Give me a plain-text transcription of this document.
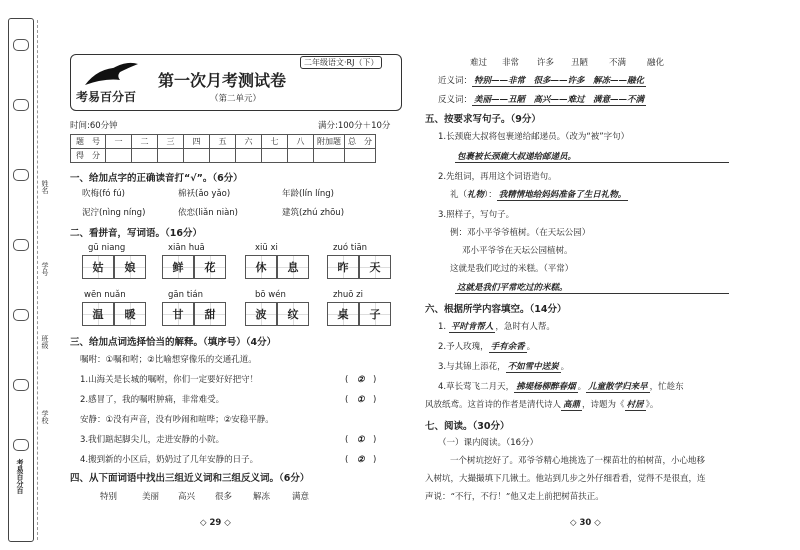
考易百分百
姓名
学号
班级
学校
考易百分百
第一次月考测试卷
（第二单元）
二年级语文·RJ（下）
时间:60分钟	满分:100分＋10分
题　号	一	二	三	四	五	六	七	八	附加题	总　分
得　分										
一、给加点字的正确读音打“√”。（6分）
吹梅(fó fú)	棉袄(ǎo yǎo)	年龄(lín líng)
泥泞(nìng níng)	依恋(liǎn niàn)	建筑(zhú zhōu)
二、看拼音，写词语。（16分）
gū niang
姑	娘
xiān huā
鲜	花
xiū xi
休	息
zuó tiān
昨	天
wēn nuǎn
温	暖
gān tián
甘	甜
bō wén
波	纹
zhuō zi
桌	子
三、给加点词选择恰当的解释。（填序号）（4分）
嘱咐：①嘱和咐；②比喻想穿像乐的交通孔道。
1.山海关是长城的嘱咐，你们一定要好好把守！	(　②　)
2.感冒了，我的嘱咐肿痛，非常难受。	(　①　)
安静：①没有声音，没有吵闹和喧哗；②安稳平静。
3.我们踮起脚尖儿，走进安静的小院。	(　①　)
4.搬到新的小区后，奶奶过了几年安静的日子。	(　②　)
四、从下面词语中找出三组近义词和三组反义词。（6分）
特别	美丽 高兴 很多 解冻	满意
◇ 29 ◇
难过 非常 许多 丑陋 不满 融化
近义词： 特别——非常　很多——许多　解冻——融化
反义词： 美丽——丑陋　高兴——难过　满意——不满
五、按要求写句子。（9分）
1.长颈鹿大叔将包裹递给邮递员。（改为“被”字句）
包裹被长颈鹿大叔递给邮递员。
2.先组词，再用这个词语造句。
礼（礼物）： 我精情地给妈妈准备了生日礼物。
3.照样子，写句子。
例：邓小平爷爷植树。（在天坛公园）
邓小平爷爷在天坛公园植树。
这就是我们吃过的米糕。（平常）
这就是我们平常吃过的米糕。
六、根据所学内容填空。（14分）
1. 平时肯帮人 ，急时有人帮。
2.予人玫瑰， 手有余香 。
3.与其锦上添花， 不如雪中送炭 。
4.草长莺飞二月天， 拂堤杨柳醉春烟 。 儿童散学归来早 ，忙趁东
风放纸鸢。这首诗的作者是清代诗人 高鼎 ，诗题为《 村居 》。
七、阅读。（30分）
（一）课内阅读。（16分）
一个树坑挖好了。邓爷爷精心地挑选了一棵苗壮的柏树苗，小心地移
入树坑，大撮撮填下几锹土。他站到几步之外仔细看看，觉得不是很直，连
声说：“不行，不行！”他又走上前把树苗扶正。
◇ 30 ◇
